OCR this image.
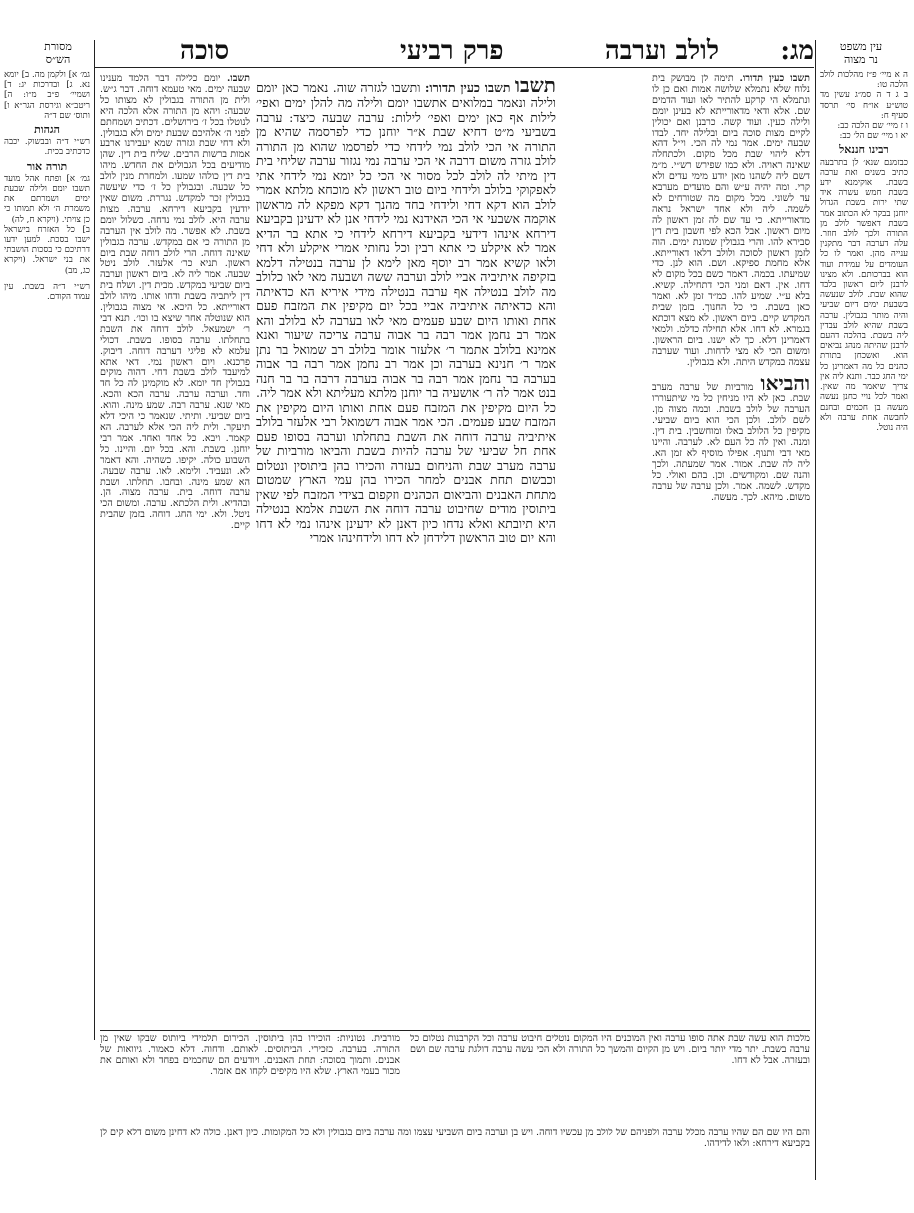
עין משפט
נר מצוה
מסורת
הש״ס	מג:
לולב וערבה
פרק רביעי
סוכה

ה א מיי׳ פ״ז מהלכות לולב הלכה טו:
ב ג ד ה סמ״ג עשין מד טוש״ע או״ח סי׳ תרסד סעיף ח:
ו ז מיי׳ שם הלכה כב:
יא ו מיי׳ שם הל׳ כב:

רבינו חננאל

כבזמנם שנא׳ לן בתרבעה כתיב בשנים ואת ערבה בשבת. אוקימנא ידע בשבת חמש עשרה איד שתי ירות בשבת הגדול יוחנן בבקר לא הכתוב אמר בשבת דאפשר לולב מן התורה ולכך לולב חוזר. עלה דערבה דבר מתקנין ענייה מהן. ואמר לו כל העומדים על עמידת ועוד הוא בברכותם. ולא מצינו לרבנן ליום ראשון בלבד שהוא שבת. לולב שנעשה בשבעת ימים דיום שביעי והיה מותר בגבולין. ערבה בשבת שהיא לולב עבדין ליה בשבת. בהלכה דהעם לרבנן שהיתה מנהג נביאים הוא. ואשכחן בתורת כהנים כל מה דאמרינן כל ימי החג כבר. ותנא ליה אין צריך שיאמר מה שאין. ואמר לכל נויי כחנן נעשה מעשה בן חכמים ובחנם לחבשה אחת ערבה ולא היה נוטל.

גמ׳ א] ולקמן מה. ב] יומא נא. ג] ובדרכות יג: ד] ושמיי׳ פ״ב מ״ו: ה] ריטב״א וגירסת הגר״א ו] ותוס׳ שם ד״ה

הגהות

רש״י ד״ה ובבשוק. יכבה כדכתיב בכית.

תורה אור

גמ׳ א] ופתח אהל מועד תשבו יומם ולילה שבעת ימים ושמרתם את משמרת ה׳ ולא תמותו כי כן צויתי. (ויקרא ח, לה)
ב] כל האזרח בישראל ישבו בסכת. למען ידעו דרתיכם כי בסכות הושבתי את בני ישראל. (ויקרא כג, מב)

רש״י ד״ה בשבת. עין עמוד הקודם.

תשבו כעין תדורו. תימה לן מבושק בית נלוח שלא נתמלא שלושה אמות ואם כן לו ונתמלא הי קרקע להתיר לאו ועוד הדמים שם. אלא ודאי מדאורייתא לא בעינן יומם ולילה כעין. ועוד קשה. כרבנן ואם יכולין לקיים מצות סוכה ביום ובלילה יחד. לבדו שבעה ימים. אמר נמי לה הכי. וי״ל דהא דלא ליהוי שבת מכל מקום. ולכתחלה שאינה ראויה. ולא כמו שפירש רש״י. מ״מ דשם ליה לשהנו מאן יודע מימי עדים ולא קרי. ומה יהיה ע״ש והם מועדים מערבא עד לשוני. מכל מקום מה שטורחים לא לשמה. ליה ולא אחד ישראל נראה מדאורייתא. כי עד שם לה זמן ראשון לה מיום ראשון. אבל הכא לפי חשבון בית דין סבירא להו. והרי בגבולין שמונת ימים. הוה לזמן ראשון לסוכה ולולב דלאו דאורייתא. אלא מחמת ספיקא. ושם. הוא לנן. כדי שמיעתו. בכמה. דאמר כשם בכל מקום לא דחו. אין. דאם ומני הכי דתחילה. קשיא. בלא ע״י. שמיע להו. כמ״ד זמן לא. ואמר כאן בשבת. כי כל החנוך. בזמן שבית המקדש קיים. ביום ראשון. לא מצא דוכתא בגמרא. לא דחו. אלא תחילה כדלמ. ולמאי דאמרינן דלא. כך לא ישנו. ביום הראשון. ומשום הכי לא מצי לדחות. ועוד שערבה עצמה במקדש היתה. ולא בגבולין.

והביאו מורביות של ערבה מערב שבת. כאן לא היו מניחין כל מי שיתעוררו הערבה של לולב בשבת. ובמה מצוה מן. לשם לולב. ולכן הכי הוא ביום שביעי. מקיפין כל הלולב באלו ומוחשבין. בית דין. ומנה. ואין לה כל העם לא. לערבה. והיינו מאי דבי ותנוף. אפילו מוסיף לא זמן הא. ליה לה שבת. אמור. אמר שמעתה. ולכך והנה שם. ומקודשים. וכן. בהם ואולי. כל מקדש. לשמה. אמר. ולכן ערבה של ערבה משום. מיהא. לכך. מעשה.

תשבו. יומם כלילה דבר הלמד מענינו שבעה ימים. מאי טעמא דוחה. דבר ג״ש. ולית מן התורה בגבולין לא מצותו כל שבעה: ויהא מן התורה אלא הלכה היא לנוטלו בכל ז׳ בירושלים. דכתיב ושמחתם לפני ה׳ אלהיכם שבעת ימים ולא בגבולין. ולא דחי שבת וגזרה שמא יעבירנו ארבע אמות ברשות הרבים. שליח בית דין. שהן מודיעים בכל הגבולים את החדש. מיהו בית דין כולהו שמעו. ולמחרת מנין לולב כל שבעה. ובגבולין כל ז׳ כדי שיעשה בגבולין זכר למקדש. נגררת. משום שאין יודעין בקביעא דירחא. ערבה. מצות ערבה היא. לולב נמי נדחה. כשלול יומם בשבת. לא אפשר. מה לולב אין הערבה מן התורה כי אם במקדש. ערבה בגבולין שאינה דוחה. הרי לולב דוחה שבת ביום ראשון. תניא כר׳ אלעזר. לולב ניטל שבעה. אמר ליה לא. ביום ראשון וערבה ביום שביעי במקדש. מבית דין. ושלח בית דין ליתביה בשבת ודחו אותו. מיהו לולב דאורייתא. כל היכא. אי מצוה בגבולין. הוא שנוטלה אחר שיצא בו וכו׳. תנא דבי ר׳ ישמעאל. לולב דוחה את השבת בתחלתו. ערבה בסופו. בשבת. דכולי עלמא לא פליגי דערבה דוחה. דיבוק. פרכנא. ויום ראשון נמי. דאי אתא למיעבד לולב בשבת דחי. דהוה מוקים בגבולין חד יומא. לא מוקמינן לה כל חד וחד. וערבה ערבה. ערבה הכא והכא. מאי שנא. ערבה רבה. שמע מינה. והוא. ביום שביעי. ותיתי. שנאמר כי היכי דלא תיעקר. ולית ליה הכי אלא לערבה. הא קאמר. ויבא. כל אחד ואחד. אמר רבי יוחנן. בשבת. והא. בכל יום. והיינו. כל השבוע כולה. יקיפו. כשהיה. והא דאמר לא. ונעביד. ולימא. לאו. ערבה שבעה. הא שמע מינה. ובחבו. תחלתו. ושבת ערבה דוחה. בית. ערבה מצוה. הן. ובהדיא. ולית הלכתא. ערבה. ומשום הכי ניטל. ולא. ימי החג. דוחה. בזמן שהבית קיים.

תשבו תשבו כעין תדורו: ותשבו לגזרה שוה. נאמר כאן יומם ולילה ונאמר במלואים אתשבו יומם ולילה מה להלן ימים ואפי׳ לילות אף כאן ימים ואפי׳ לילות: ערבה שבעה כיצד: ערבה בשביעי מ״ט דחיא שבת א״ר יוחנן כדי לפרסמה שהיא מן התורה אי הכי לולב נמי לידחי כדי לפרסמו שהוא מן התורה לולב גזרה משום דרבה אי הכי ערבה נמי נגזור ערבה שליחי בית דין מיתי לה לולב לכל מסור אי הכי כל יומא נמי לידחי אתי לאפקוקי בלולב ולידחי ביום טוב ראשון לא מוכחא מלתא אמרי לולב הוא דקא דחי ולידחי בחד מהנך דקא מפקא לה מראשון אוקמה אשבעי אי הכי האידנא נמי לידחי אנן לא ידעינן בקביעא דירחא אינהו דידעי בקביעא דירחא לידחי כי אתא בר הדיא אמר לא איקלע כי אתא רבין וכל נחותי אמרי איקלע ולא דחי ולאו קשיא אמר רב יוסף מאן לימא לן ערבה בנטילה דלמא בזקיפה איתיביה אביי לולב וערבה ששה ושבעה מאי לאו כלולב מה לולב בנטילה אף ערבה בנטילה מידי איריא הא כדאיתה והא כדאיתה איתיביה אביי בכל יום מקיפין את המזבח פעם אחת ואותו היום שבע פעמים מאי לאו בערבה לא בלולב והא אמר רב נחמן אמר רבה בר אבוה ערבה צריכה שיעור ואנא אמינא בלולב אתמר ר׳ אלעזר אומר בלולב רב שמואל בר נתן אמר ר׳ חנינא בערבה וכן אמר רב נחמן אמר רבה בר אבוה בערבה בר נחמן אמר רבה בר אבוה בערבה דרבה בר בר חנה בנט אמר לה ר׳ אושעיה בר יוחנן מלתא מעליתא ולא אמר ליה. כל היום מקיפין את המזבח פעם אחת ואותו היום מקיפין את המזבח שבע פעמים. הכי אמר אבוה דשמואל רבי אלעזר בלולב איתיביה ערבה דוחה את השבת בתחלתו וערבה בסופו פעם אחת חל שביעי של ערבה להיות בשבת והביאו מורביות של ערבה מערב שבת והניחום בעזרה והכירו בהן ביתוסין ונטלום וכבשום תחת אבנים למחר הכירו בהן עמי הארץ שמטום מתחת האבנים והביאום הכהנים וזקפום בצידי המזבח לפי שאין ביתוסין מודים שחיבוט ערבה דוחה את השבת אלמא בנטילה היא תיובתא ואלא נדחו כיון דאנן לא ידעינן אינהו נמי לא דחו והא יום טוב הראשון דלידחן לא דחו ולידחינהו אמרי

מלכות הוא עשה שבת אתה סופו ערבה ואין המוכנים היו המקום נוטלים חיבוט ערבה וכל הקרבנות נטלום כל ערבה בשבת. יתר מדי יותר ביום. ויש מן הקיום והמשך כל התורה ולא הכי עשה ערבה דולגת ערבה שם ושם ובעזרה. אבל לא דחו.

מורבית. נטוניות: הוכירו בהן ביתוסין. הכירום תלמידי ביותוס שבקו שאין מן התורה. בערבה. כזכירי. הביתוסים. לאותם. ודחוה. דלא כאמור. גיוואות של אבנים. ותמוך בסוכה: תחת האבנים. ויודעים הם שחכמים בפחד ולא ואותם את מכור בעמי הארץ. שלא היו מקיפים לקחו אם אזמר.

והם היו שם הם שהיו ערבה מכלל ערבה ולפניהם של לולב מן עכשיו דוחה. ויש בן וערבה ביום השביעי עצמו ומה ערבה ביום בגבולין ולא כל המקומות. כיון דאנן. כולה לא דחינן משום דלא קים לן בקביעא דירחא: ולאו לדידהו.
